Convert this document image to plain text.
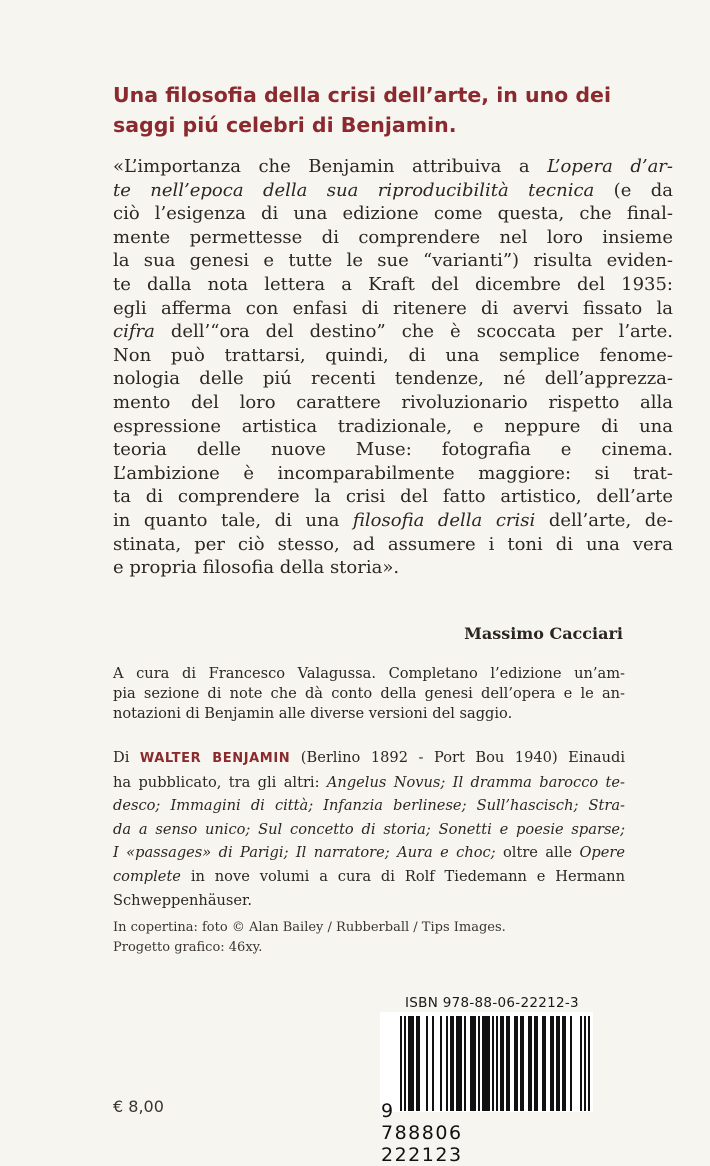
Una filosofia della crisi dell’arte, in uno dei
saggi piú celebri di Benjamin.
«L’importanza che Benjamin attribuiva a L’opera d’ar-
te nell’epoca della sua riproducibilità tecnica (e da
ciò l’esigenza di una edizione come questa, che final-
mente permettesse di comprendere nel loro insieme
la sua genesi e tutte le sue “varianti”) risulta eviden-
te dalla nota lettera a Kraft del dicembre del 1935:
egli afferma con enfasi di ritenere di avervi fissato la
cifra dell’“ora del destino” che è scoccata per l’arte.
Non può trattarsi, quindi, di una semplice fenome-
nologia delle piú recenti tendenze, né dell’apprezza-
mento del loro carattere rivoluzionario rispetto alla
espressione artistica tradizionale, e neppure di una
teoria delle nuove Muse: fotografia e cinema.
L’ambizione è incomparabilmente maggiore: si trat-
ta di comprendere la crisi del fatto artistico, dell’arte
in quanto tale, di una filosofia della crisi dell’arte, de-
stinata, per ciò stesso, ad assumere i toni di una vera
e propria filosofia della storia».
Massimo Cacciari
A cura di Francesco Valagussa. Completano l’edizione un’am-
pia sezione di note che dà conto della genesi dell’opera e le an-
notazioni di Benjamin alle diverse versioni del saggio.
Di WALTER BENJAMIN (Berlino 1892 - Port Bou 1940) Einaudi
ha pubblicato, tra gli altri: Angelus Novus; Il dramma barocco te-
desco; Immagini di città; Infanzia berlinese; Sull’hascisch; Stra-
da a senso unico; Sul concetto di storia; Sonetti e poesie sparse;
I «passages» di Parigi; Il narratore; Aura e choc; oltre alle Opere
complete in nove volumi a cura di Rolf Tiedemann e Hermann
Schweppenhäuser.
In copertina: foto © Alan Bailey / Rubberball / Tips Images.
Progetto grafico: 46xy.
ISBN 978-88-06-22212-3
9 788806 222123
€ 8,00
